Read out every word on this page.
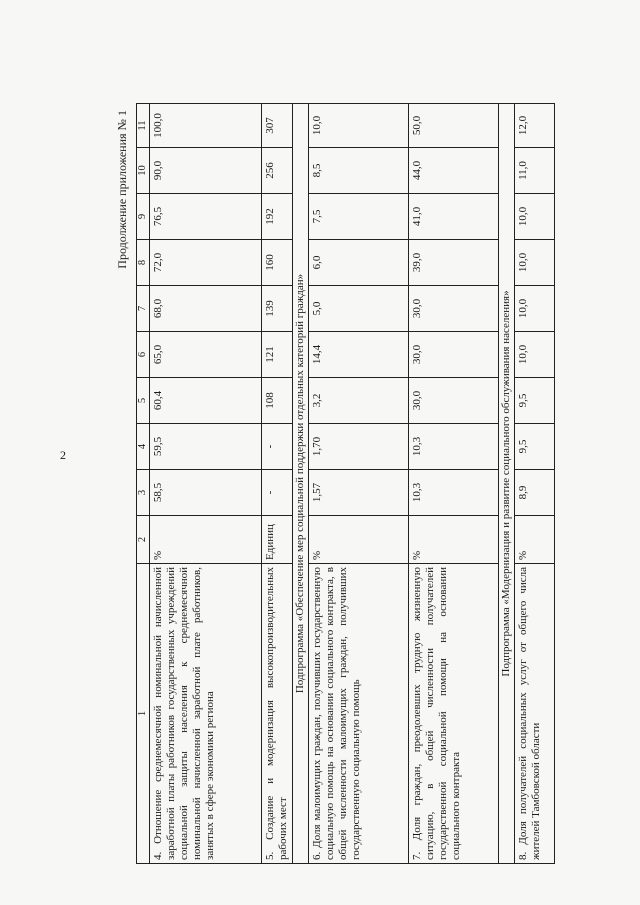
2
Продолжение приложения № 1
1	2	3	4	5	6	7	8	9	10	11
4. Отношение среднемесячной номинальной начисленной заработной платы работников государственных учреждений социальной защиты населения к среднемесячной номинальной начисленной заработной плате работников, занятых в сфере экономики региона	%	58,5	59,5	60,4	65,0	68,0	72,0	76,5	90,0	100,0
5. Создание и модернизация высокопроизводительных рабочих мест	Единиц	-	-	108	121	139	160	192	256	307
Подпрограмма «Обеспечение мер социальной поддержки отдельных категорий граждан»										
6. Доля малоимущих граждан, получивших государственную социальную помощь на основании социального контракта, в общей численности малоимущих граждан, получивших государственную социальную помощь	%	1,57	1,70	3,2	14,4	5,0	6,0	7,5	8,5	10,0
7. Доля граждан, преодолевших трудную жизненную ситуацию, в общей численности получателей государственной социальной помощи на основании социального контракта	%	10,3	10,3	30,0	30,0	30,0	39,0	41,0	44,0	50,0
Подпрограмма «Модернизация и развитие социального обслуживания населения»										
8. Доля получателей социальных услуг от общего числа жителей Тамбовской области	%	8,9	9,5	9,5	10,0	10,0	10,0	10,0	11,0	12,0
